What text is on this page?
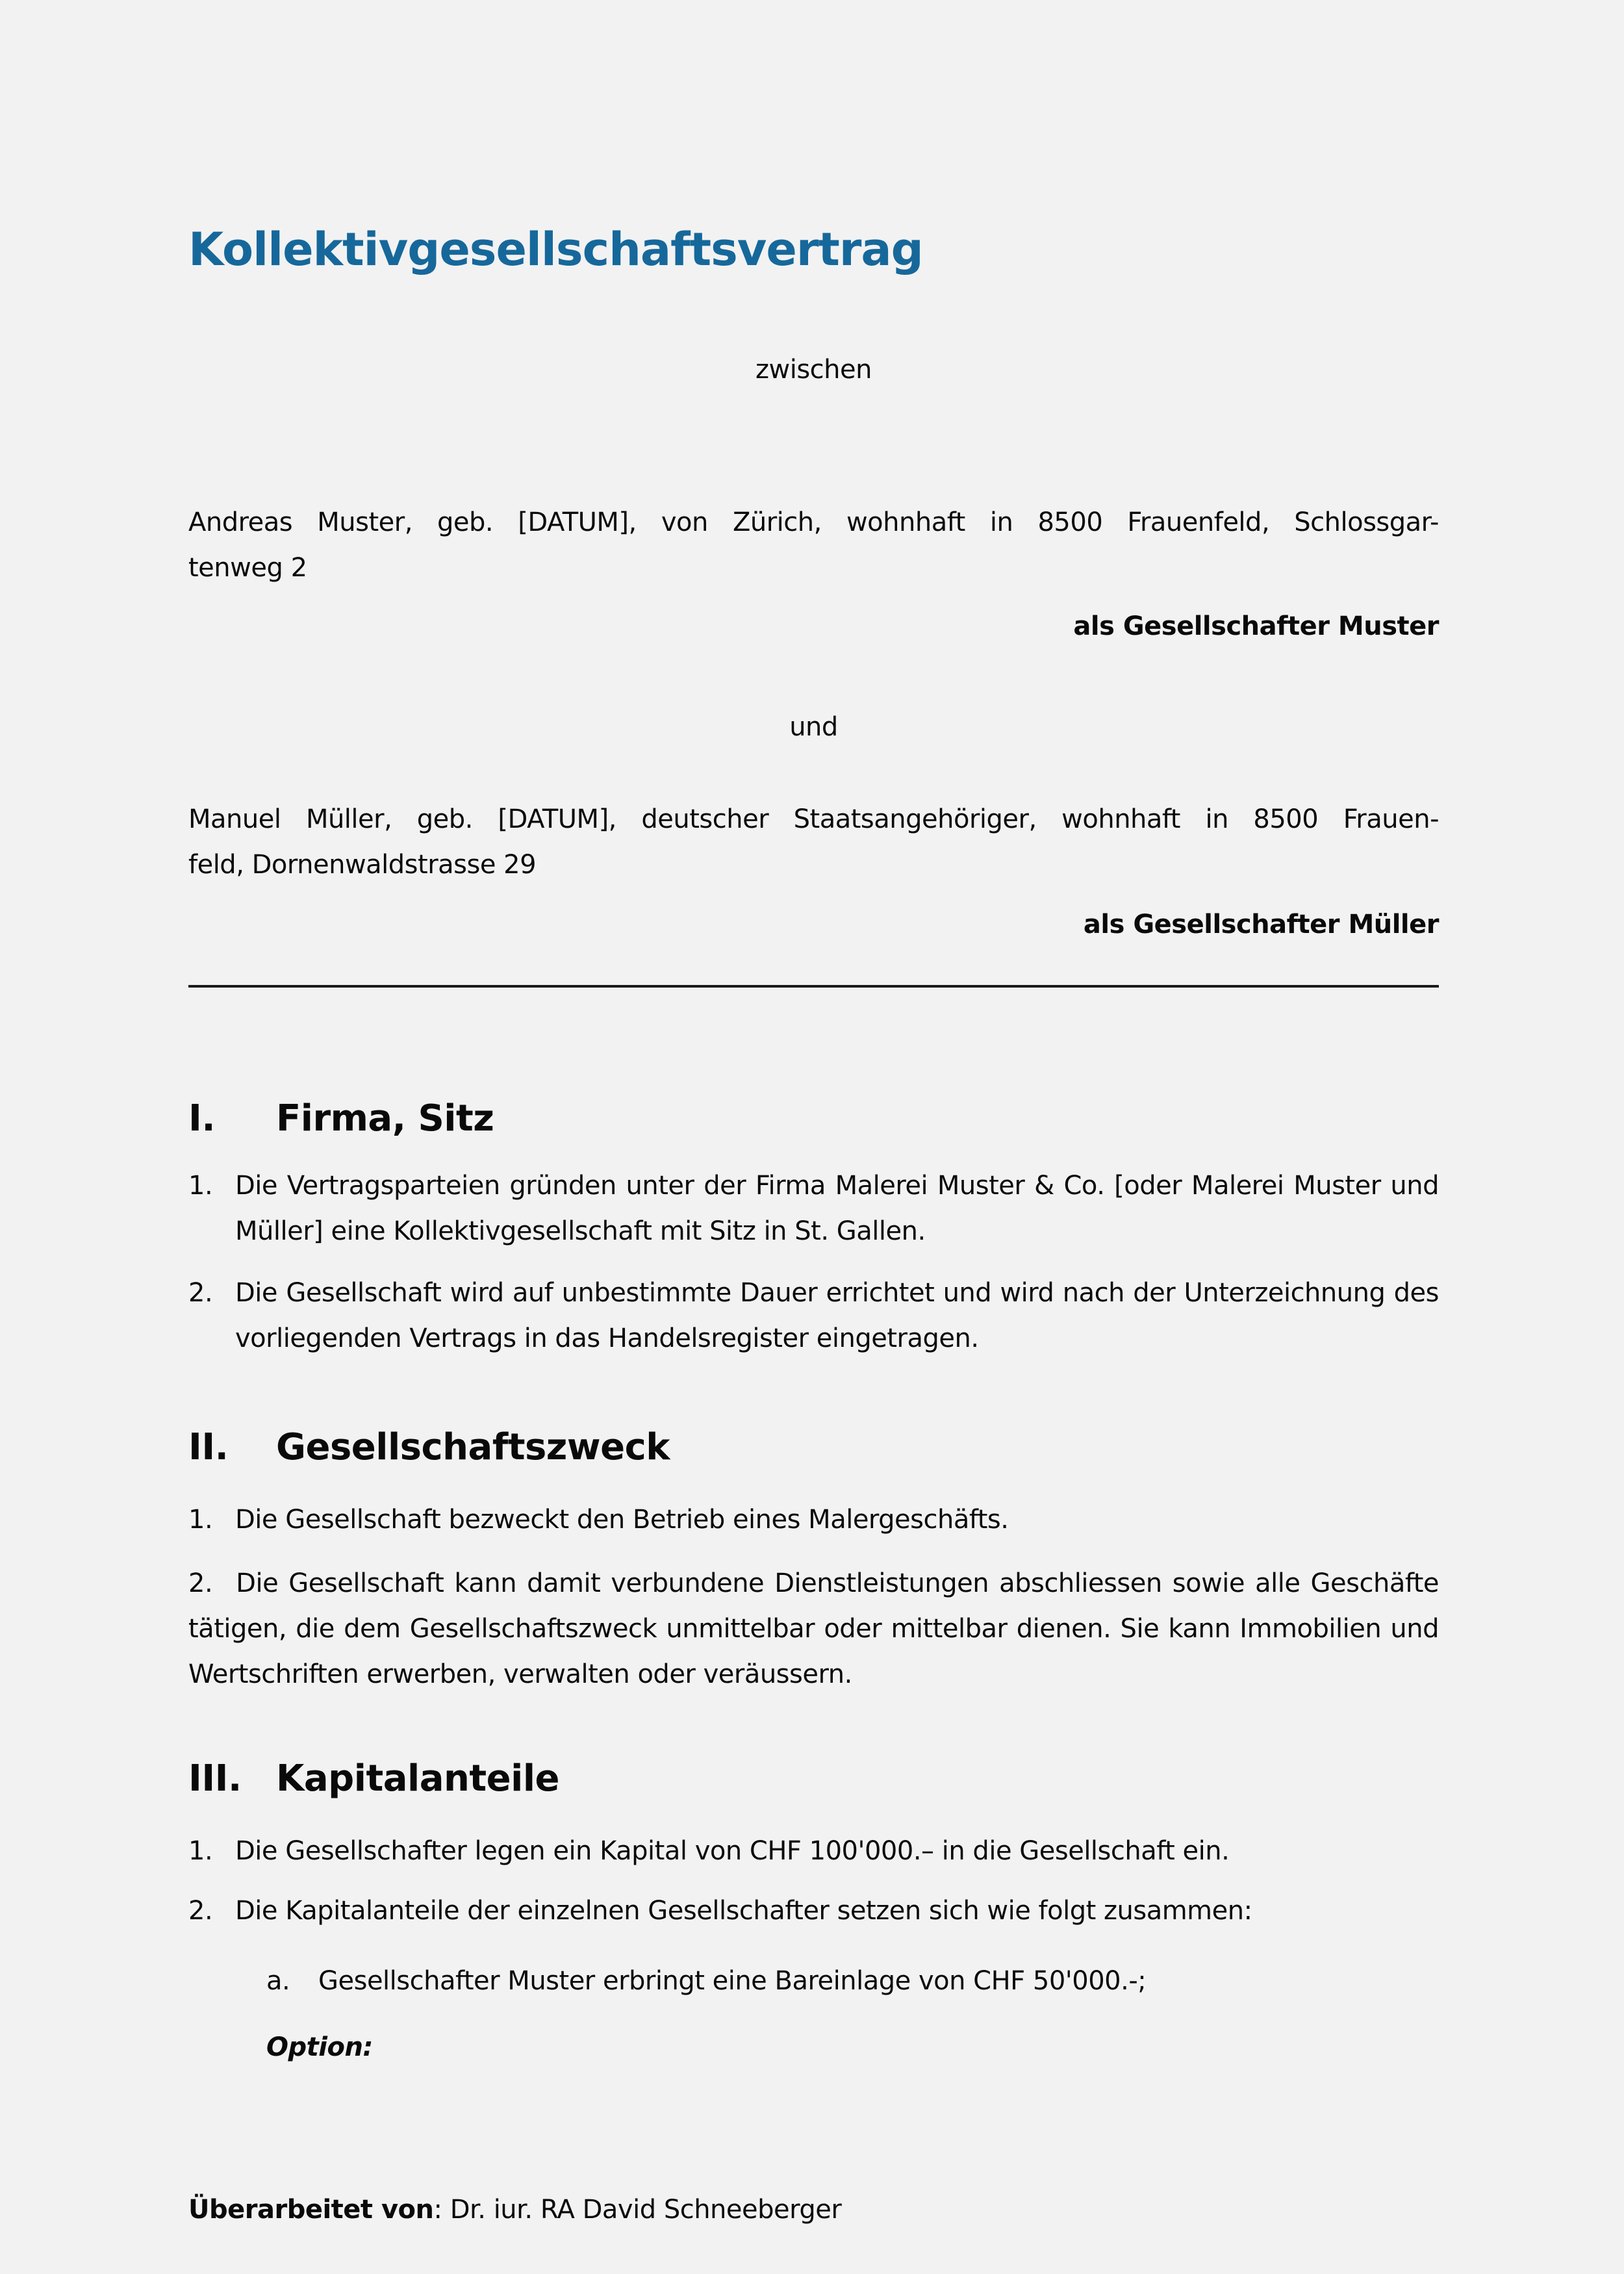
Kollektivgesellschaftsvertrag
zwischen
Andreas Muster, geb. [DATUM], von Zürich, wohnhaft in 8500 Frauenfeld, Schlossgar-
tenweg 2
als Gesellschafter Muster
und
Manuel Müller, geb. [DATUM], deutscher Staatsangehöriger, wohnhaft in 8500 Frauen-
feld, Dornenwaldstrasse 29
als Gesellschafter Müller
I. Firma, Sitz
1. Die Vertragsparteien gründen unter der Firma Malerei Muster & Co. [oder Malerei Muster und
Müller] eine Kollektivgesellschaft mit Sitz in St. Gallen.
2. Die Gesellschaft wird auf unbestimmte Dauer errichtet und wird nach der Unterzeichnung des
vorliegenden Vertrags in das Handelsregister eingetragen.
II. Gesellschaftszweck
1. Die Gesellschaft bezweckt den Betrieb eines Malergeschäfts.
2. Die Gesellschaft kann damit verbundene Dienstleistungen abschliessen sowie alle Geschäfte
tätigen, die dem Gesellschaftszweck unmittelbar oder mittelbar dienen. Sie kann Immobilien und
Wertschriften erwerben, verwalten oder veräussern.
III. Kapitalanteile
1. Die Gesellschafter legen ein Kapital von CHF 100'000.– in die Gesellschaft ein.
2. Die Kapitalanteile der einzelnen Gesellschafter setzen sich wie folgt zusammen:
a. Gesellschafter Muster erbringt eine Bareinlage von CHF 50'000.-;
Option:
Überarbeitet von: Dr. iur. RA David Schneeberger
